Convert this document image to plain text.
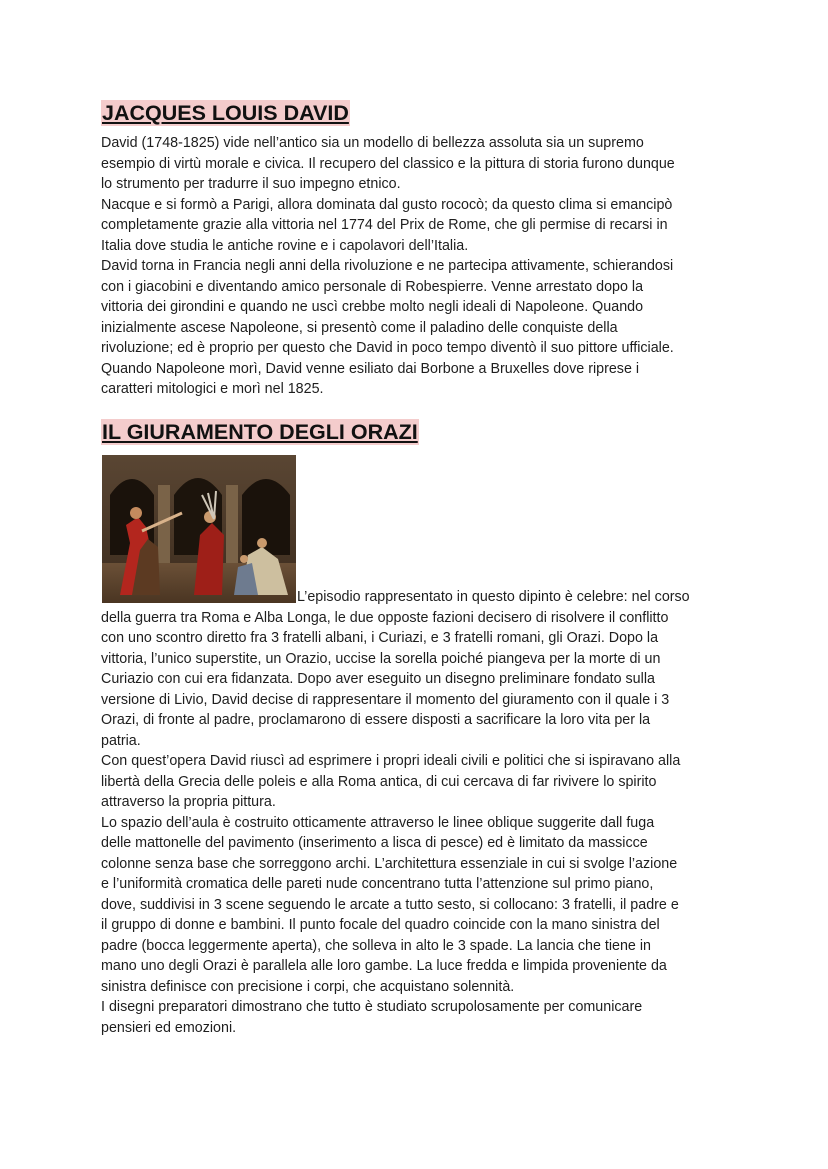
JACQUES LOUIS DAVID
David (1748-1825) vide nell’antico sia un modello di bellezza assoluta sia un supremo
esempio di virtù morale e civica. Il recupero del classico e la pittura di storia furono dunque
lo strumento per tradurre il suo impegno etnico.
Nacque e si formò a Parigi, allora dominata dal gusto rococò; da questo clima si emancipò
completamente grazie alla vittoria nel 1774 del Prix de Rome, che gli permise di recarsi in
Italia dove studia le antiche rovine e i capolavori dell’Italia.
David torna in Francia negli anni della rivoluzione e ne partecipa attivamente, schierandosi
con i giacobini e diventando amico personale di Robespierre. Venne arrestato dopo la
vittoria dei girondini e quando ne uscì crebbe molto negli ideali di Napoleone. Quando
inizialmente ascese Napoleone, si presentò come il paladino delle conquiste della
rivoluzione; ed è proprio per questo che David in poco tempo diventò il suo pittore ufficiale.
Quando Napoleone morì, David venne esiliato dai Borbone a Bruxelles dove riprese i
caratteri mitologici e morì nel 1825.
IL GIURAMENTO DEGLI ORAZI
L’episodio rappresentato in questo dipinto è celebre: nel corso
della guerra tra Roma e Alba Longa, le due opposte fazioni decisero di risolvere il conflitto
con uno scontro diretto fra 3 fratelli albani, i Curiazi, e 3 fratelli romani, gli Orazi. Dopo la
vittoria, l’unico superstite, un Orazio, uccise la sorella poiché piangeva per la morte di un
Curiazio con cui era fidanzata. Dopo aver eseguito un disegno preliminare fondato sulla
versione di Livio, David decise di rappresentare il momento del giuramento con il quale i 3
Orazi, di fronte al padre, proclamarono di essere disposti a sacrificare la loro vita per la
patria.
Con quest’opera David riuscì ad esprimere i propri ideali civili e politici che si ispiravano alla
libertà della Grecia delle poleis e alla Roma antica, di cui cercava di far rivivere lo spirito
attraverso la propria pittura.
Lo spazio dell’aula è costruito otticamente attraverso le linee oblique suggerite dall fuga
delle mattonelle del pavimento (inserimento a lisca di pesce) ed è limitato da massicce
colonne senza base che sorreggono archi. L’architettura essenziale in cui si svolge l’azione
e l’uniformità cromatica delle pareti nude concentrano tutta l’attenzione sul primo piano,
dove, suddivisi in 3 scene seguendo le arcate a tutto sesto, si collocano: 3 fratelli, il padre e
il gruppo di donne e bambini. Il punto focale del quadro coincide con la mano sinistra del
padre (bocca leggermente aperta), che solleva in alto le 3 spade. La lancia che tiene in
mano uno degli Orazi è parallela alle loro gambe. La luce fredda e limpida proveniente da
sinistra definisce con precisione i corpi, che acquistano solennità.
I disegni preparatori dimostrano che tutto è studiato scrupolosamente per comunicare
pensieri ed emozioni.
